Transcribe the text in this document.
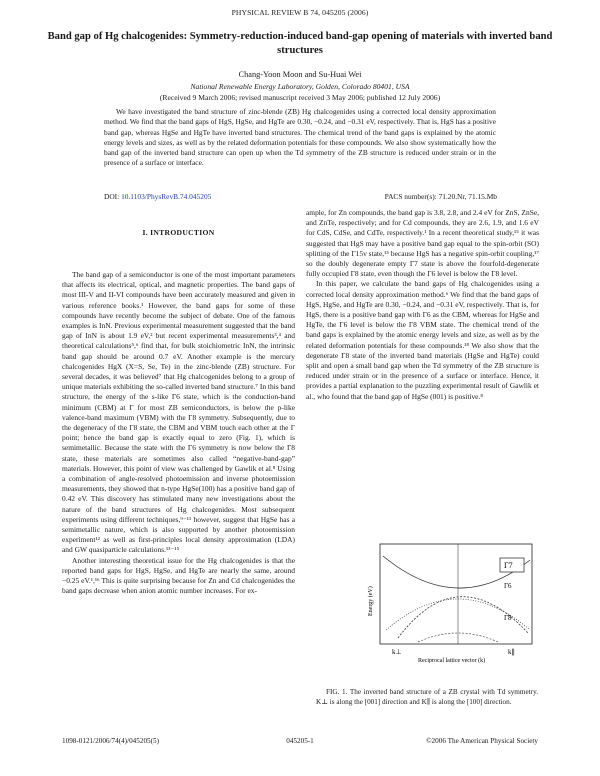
PHYSICAL REVIEW B 74, 045205 (2006)
Band gap of Hg chalcogenides: Symmetry-reduction-induced band-gap opening of materials with inverted band structures
Chang-Yoon Moon and Su-Huai Wei
National Renewable Energy Laboratory, Golden, Colorado 80401, USA
(Received 9 March 2006; revised manuscript received 3 May 2006; published 12 July 2006)
We have investigated the band structure of zinc-blende (ZB) Hg chalcogenides using a corrected local density approximation method. We find that the band gaps of HgS, HgSe, and HgTe are 0.30, −0.24, and −0.31 eV, respectively. That is, HgS has a positive band gap, whereas HgSe and HgTe have inverted band structures. The chemical trend of the band gaps is explained by the atomic energy levels and sizes, as well as by the related deformation potentials for these compounds. We also show systematically how the band gap of the inverted band structure can open up when the Td symmetry of the ZB structure is reduced under strain or in the presence of a surface or interface.
DOI: 10.1103/PhysRevB.74.045205	PACS number(s): 71.20.Nr, 71.15.Mb
I. INTRODUCTION

The band gap of a semiconductor is one of the most important parameters that affects its electrical, optical, and magnetic properties. The band gaps of most III-V and II-VI compounds have been accurately measured and given in various reference books.¹ However, the band gaps for some of these compounds have recently become the subject of debate. One of the famous examples is InN. Previous experimental measurement suggested that the band gap of InN is about 1.9 eV,² but recent experimental measurements³,⁴ and theoretical calculations⁵,⁶ find that, for bulk stoichiometric InN, the intrinsic band gap should be around 0.7 eV. Another example is the mercury chalcogenides HgX (X=S, Se, Te) in the zinc-blende (ZB) structure. For several decades, it was believed⁷ that Hg chalcogenides belong to a group of unique materials exhibiting the so-called inverted band structure.⁷ In this band structure, the energy of the s-like Γ6 state, which is the conduction-band minimum (CBM) at Γ for most ZB semiconductors, is below the p-like valence-band maximum (VBM) with the Γ8 symmetry. Subsequently, due to the degeneracy of the Γ8 state, the CBM and VBM touch each other at the Γ point; hence the band gap is exactly equal to zero (Fig. 1), which is semimetallic. Because the state with the Γ6 symmetry is now below the Γ8 state, these materials are sometimes also called “negative-band-gap” materials. However, this point of view was challenged by Gawlik et al.⁸ Using a combination of angle-resolved photoemission and inverse photoemission measurements, they showed that n-type HgSe(100) has a positive band gap of 0.42 eV. This discovery has stimulated many new investigations about the nature of the band structures of Hg chalcogenides. Most subsequent experiments using different techniques,⁹⁻¹¹ however, suggest that HgSe has a semimetallic nature, which is also supported by another photoemission experiment¹² as well as first-principles local density approximation (LDA) and GW quasiparticle calculations.¹³⁻¹⁵

Another interesting theoretical issue for the Hg chalcogenides is that the reported band gaps for HgS, HgSe, and HgTe are nearly the same, around −0.25 eV.¹,¹⁶ This is quite surprising because for Zn and Cd chalcogenides the band gaps decrease when anion atomic number increases. For ex-

ample, for Zn compounds, the band gap is 3.8, 2.8, and 2.4 eV for ZnS, ZnSe, and ZnTe, respectively; and for Cd compounds, they are 2.6, 1.9, and 1.6 eV for CdS, CdSe, and CdTe, respectively.¹ In a recent theoretical study,¹⁵ it was suggested that HgS may have a positive band gap equal to the spin-orbit (SO) splitting of the Γ15v state,¹⁵ because HgS has a negative spin-orbit coupling,¹⁷ so the doubly degenerate empty Γ7 state is above the fourfold-degenerate fully occupied Γ8 state, even though the Γ6 level is below the Γ8 level.

In this paper, we calculate the band gaps of Hg chalcogenides using a corrected local density approximation method.⁶ We find that the band gaps of HgS, HgSe, and HgTe are 0.30, −0.24, and −0.31 eV, respectively. That is, for HgS, there is a positive band gap with Γ6 as the CBM, whereas for HgSe and HgTe, the Γ6 level is below the Γ8 VBM state. The chemical trend of the band gaps is explained by the atomic energy levels and size, as well as by the related deformation potentials for these compounds.¹⁸ We also show that the degenerate Γ8 state of the inverted band materials (HgSe and HgTe) could split and open a small band gap when the Td symmetry of the ZB structure is reduced under strain or in the presence of a surface or interface. Hence, it provides a partial explanation to the puzzling experimental result of Gawlik et al., who found that the band gap of HgSe (001) is positive.⁸

Γ7
Γ6
Γ8
Energy (eV)
k⊥	k∥
Reciprocal lattice vector (k)
FIG. 1. The inverted band structure of a ZB crystal with Td symmetry. K⊥ is along the [001] direction and K∥ is along the [100] direction.
1098-0121/2006/74(4)/045205(5)	045205-1	©2006 The American Physical Society
